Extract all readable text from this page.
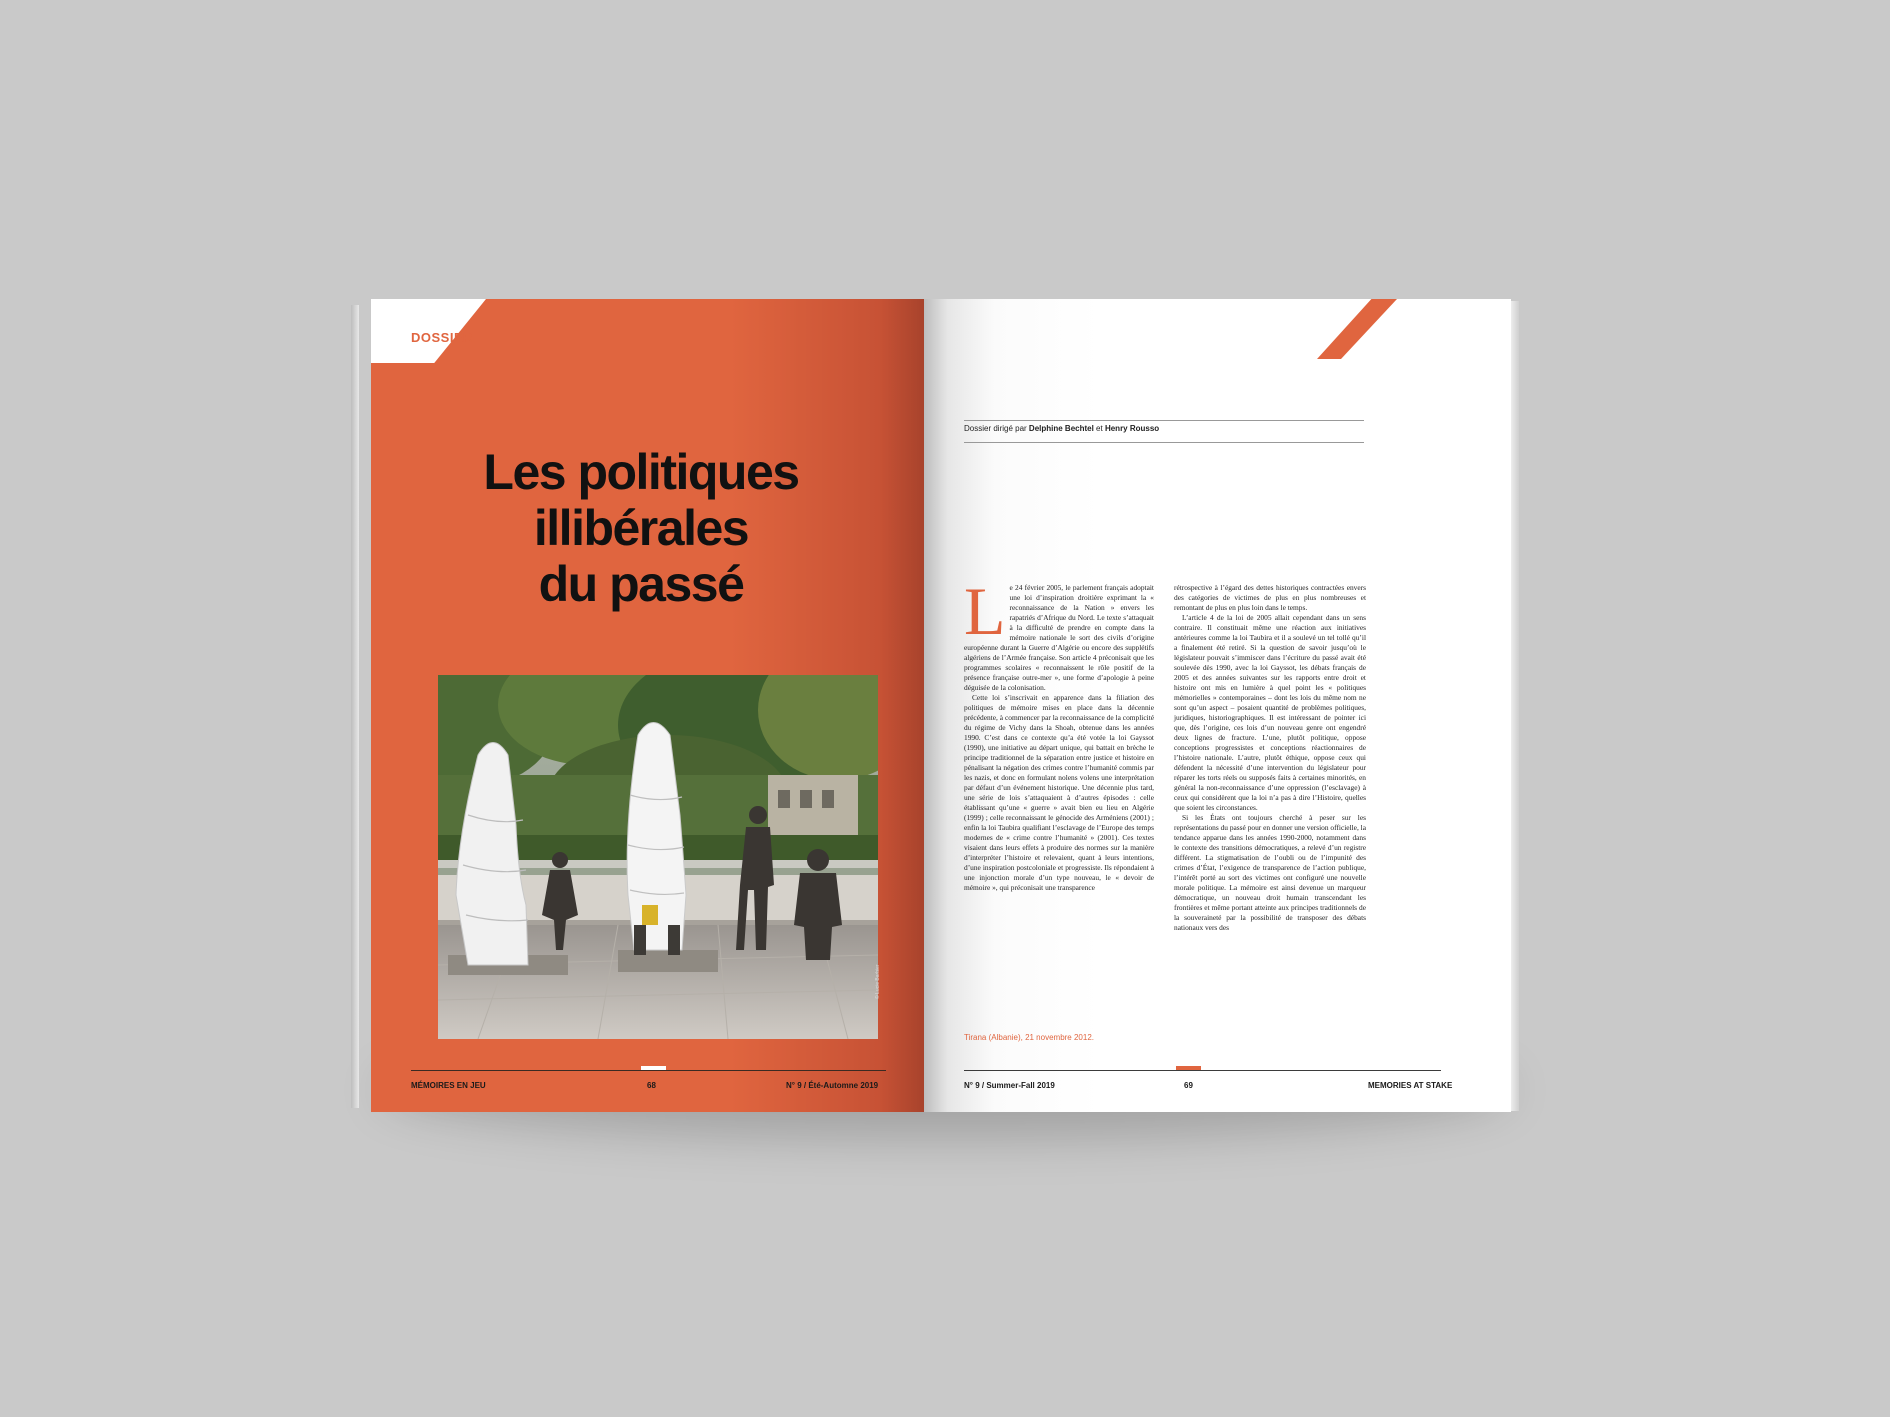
DOSSIER
Les politiques
illibérales
du passé
© Lucie Barbier
MÉMOIRES EN JEU	68	N° 9 / Été-Automne 2019
Dossier dirigé par Delphine Bechtel et Henry Rousso

Le 24 février 2005, le parlement français adoptait une loi d’inspiration droitière exprimant la « reconnaissance de la Nation » envers les rapatriés d’Afrique du Nord. Le texte s’attaquait à la difficulté de prendre en compte dans la mémoire nationale le sort des civils d’origine européenne durant la Guerre d’Algérie ou encore des supplétifs algériens de l’Armée française. Son article 4 préconisait que les programmes scolaires « reconnaissent le rôle positif de la présence française outre-mer », une forme d’apologie à peine déguisée de la colonisation.

Cette loi s’inscrivait en apparence dans la filiation des politiques de mémoire mises en place dans la décennie précédente, à commencer par la reconnaissance de la complicité du régime de Vichy dans la Shoah, obtenue dans les années 1990. C’est dans ce contexte qu’a été votée la loi Gayssot (1990), une initiative au départ unique, qui battait en brèche le principe traditionnel de la séparation entre justice et histoire en pénalisant la négation des crimes contre l’humanité commis par les nazis, et donc en formulant nolens volens une interprétation par défaut d’un événement historique. Une décennie plus tard, une série de lois s’attaquaient à d’autres épisodes : celle établissant qu’une « guerre » avait bien eu lieu en Algérie (1999) ; celle reconnaissant le génocide des Arméniens (2001) ; enfin la loi Taubira qualifiant l’esclavage de l’Europe des temps modernes de « crime contre l’humanité » (2001). Ces textes visaient dans leurs effets à produire des normes sur la manière d’interpréter l’histoire et relevaient, quant à leurs intentions, d’une inspiration postcoloniale et progressiste. Ils répondaient à une injonction morale d’un type nouveau, le « devoir de mémoire », qui préconisait une transparence

rétrospective à l’égard des dettes historiques contractées envers des catégories de victimes de plus en plus nombreuses et remontant de plus en plus loin dans le temps.

L’article 4 de la loi de 2005 allait cependant dans un sens contraire. Il constituait même une réaction aux initiatives antérieures comme la loi Taubira et il a soulevé un tel tollé qu’il a finalement été retiré. Si la question de savoir jusqu’où le législateur pouvait s’immiscer dans l’écriture du passé avait été soulevée dès 1990, avec la loi Gayssot, les débats français de 2005 et des années suivantes sur les rapports entre droit et histoire ont mis en lumière à quel point les « politiques mémorielles » contemporaines – dont les lois du même nom ne sont qu’un aspect – posaient quantité de problèmes politiques, juridiques, historiographiques. Il est intéressant de pointer ici que, dès l’origine, ces lois d’un nouveau genre ont engendré deux lignes de fracture. L’une, plutôt politique, oppose conceptions progressistes et conceptions réactionnaires de l’histoire nationale. L’autre, plutôt éthique, oppose ceux qui défendent la nécessité d’une intervention du législateur pour réparer les torts réels ou supposés faits à certaines minorités, en général la non-reconnaissance d’une oppression (l’esclavage) à ceux qui considèrent que la loi n’a pas à dire l’Histoire, quelles que soient les circonstances.

Si les États ont toujours cherché à peser sur les représentations du passé pour en donner une version officielle, la tendance apparue dans les années 1990-2000, notamment dans le contexte des transitions démocratiques, a relevé d’un registre différent. La stigmatisation de l’oubli ou de l’impunité des crimes d’État, l’exigence de transparence de l’action publique, l’intérêt porté au sort des victimes ont configuré une nouvelle morale politique. La mémoire est ainsi devenue un marqueur démocratique, un nouveau droit humain transcendant les frontières et même portant atteinte aux principes traditionnels de la souveraineté par la possibilité de transposer des débats nationaux vers des

Tirana (Albanie), 21 novembre 2012.
N° 9 / Summer-Fall 2019	69	MEMORIES AT STAKE
